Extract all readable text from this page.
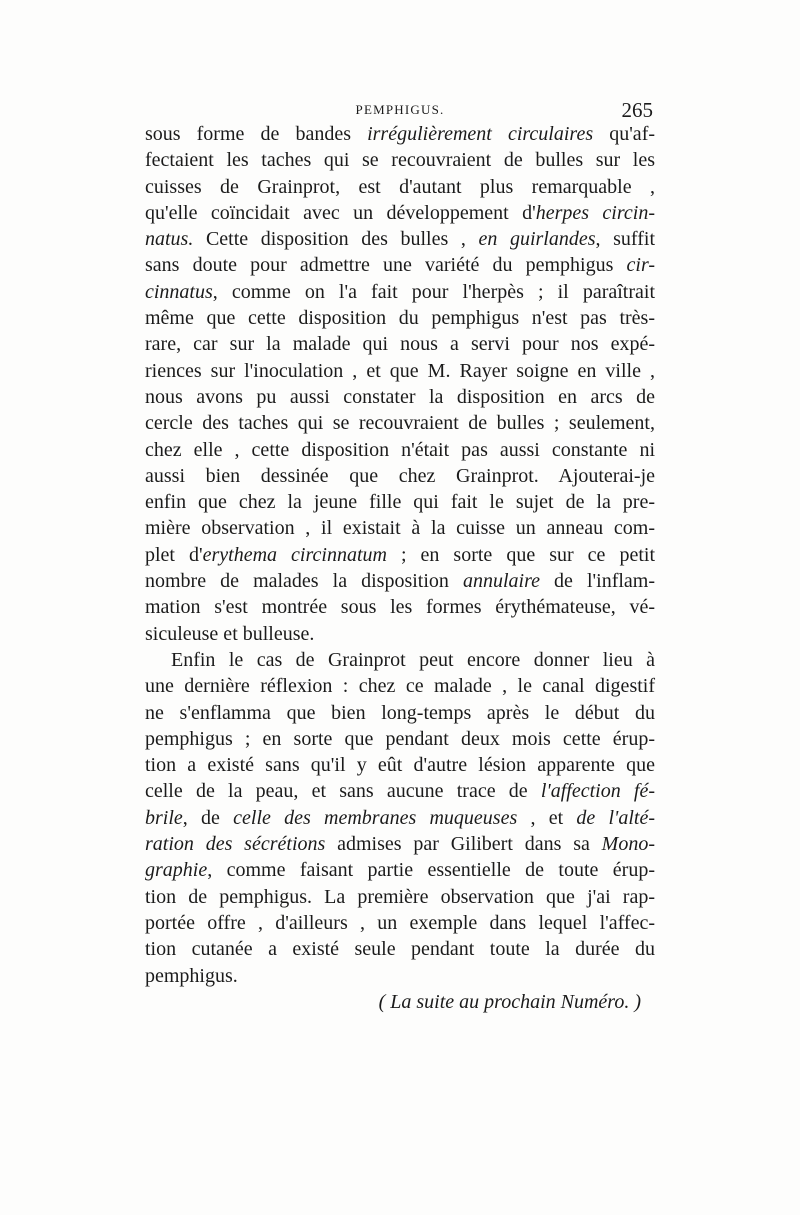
PEMPHIGUS.	265
sous forme de bandes irrégulièrement circulaires qu'af-
fectaient les taches qui se recouvraient de bulles sur les
cuisses de Grainprot, est d'autant plus remarquable ,
qu'elle coïncidait avec un développement d'herpes circin-
natus. Cette disposition des bulles , en guirlandes, suffit
sans doute pour admettre une variété du pemphigus cir-
cinnatus, comme on l'a fait pour l'herpès ; il paraîtrait
même que cette disposition du pemphigus n'est pas très-
rare, car sur la malade qui nous a servi pour nos expé-
riences sur l'inoculation , et que M. Rayer soigne en ville ,
nous avons pu aussi constater la disposition en arcs de
cercle des taches qui se recouvraient de bulles ; seulement,
chez elle , cette disposition n'était pas aussi constante ni
aussi bien dessinée que chez Grainprot. Ajouterai-je
enfin que chez la jeune fille qui fait le sujet de la pre-
mière observation , il existait à la cuisse un anneau com-
plet d'erythema circinnatum ; en sorte que sur ce petit
nombre de malades la disposition annulaire de l'inflam-
mation s'est montrée sous les formes érythémateuse, vé-
siculeuse et bulleuse.
Enfin le cas de Grainprot peut encore donner lieu à
une dernière réflexion : chez ce malade , le canal digestif
ne s'enflamma que bien long-temps après le début du
pemphigus ; en sorte que pendant deux mois cette érup-
tion a existé sans qu'il y eût d'autre lésion apparente que
celle de la peau, et sans aucune trace de l'affection fé-
brile, de celle des membranes muqueuses , et de l'alté-
ration des sécrétions admises par Gilibert dans sa Mono-
graphie, comme faisant partie essentielle de toute érup-
tion de pemphigus. La première observation que j'ai rap-
portée offre , d'ailleurs , un exemple dans lequel l'affec-
tion cutanée a existé seule pendant toute la durée du
pemphigus.
( La suite au prochain Numéro. )
